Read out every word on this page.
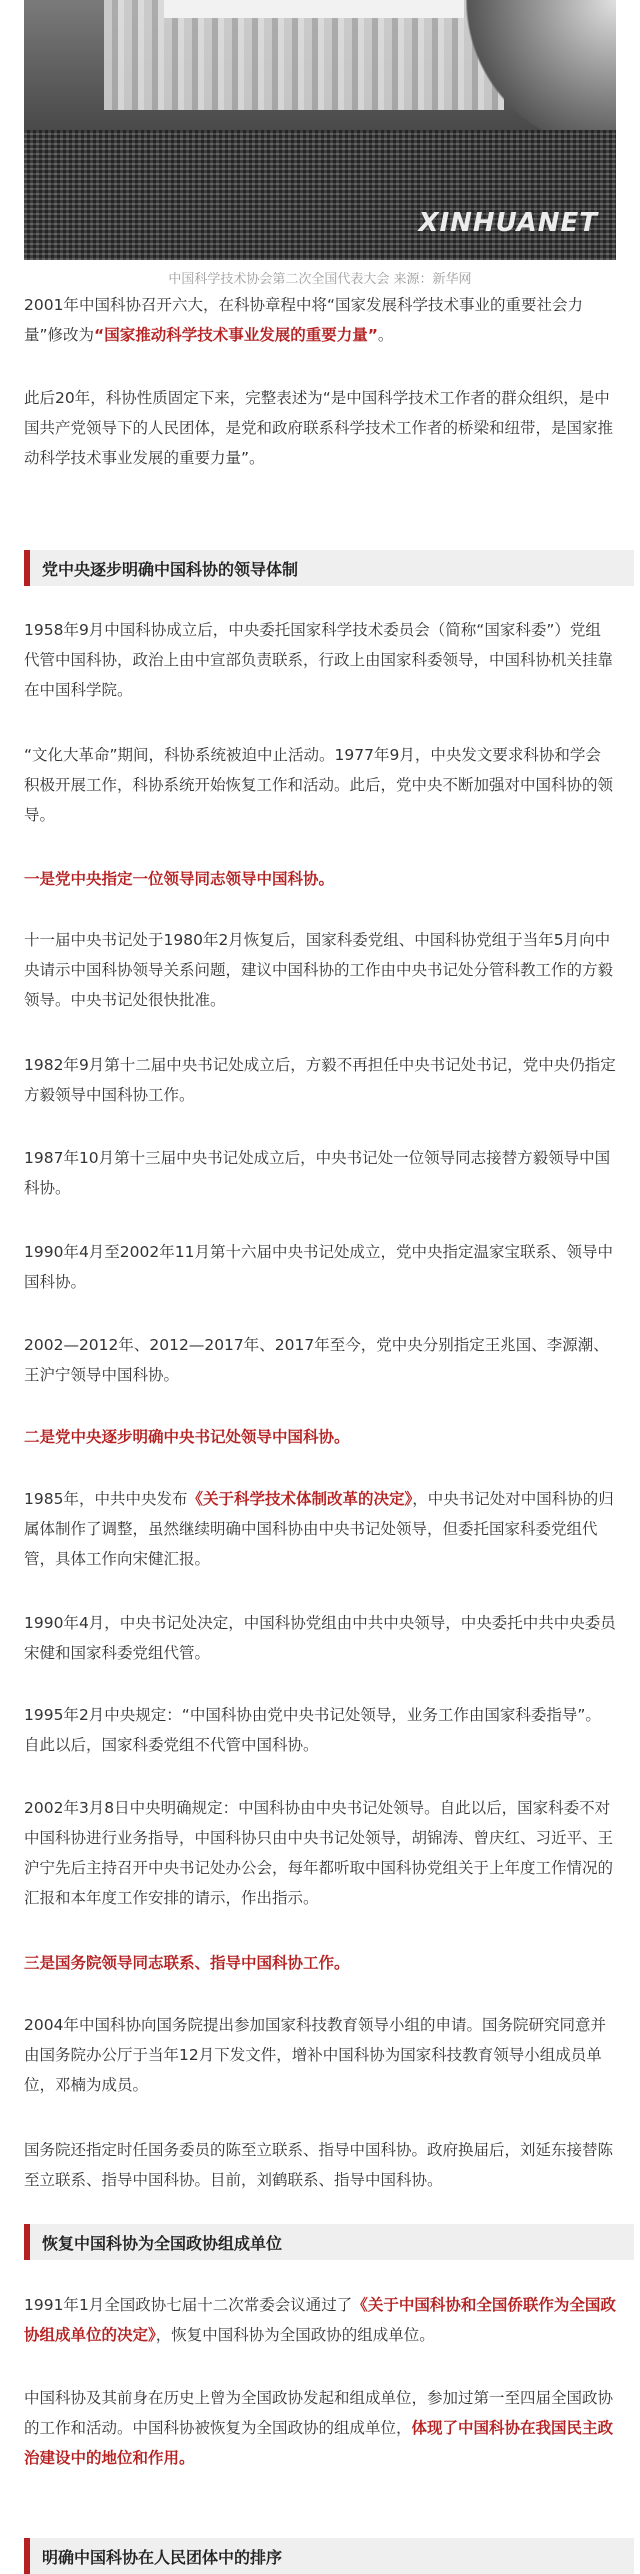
XINHUANET
中国科学技术协会第二次全国代表大会 来源：新华网

2001年中国科协召开六大，在科协章程中将“国家发展科学技术事业的重要社会力量”修改为“国家推动科学技术事业发展的重要力量”。

此后20年，科协性质固定下来，完整表述为“是中国科学技术工作者的群众组织，是中国共产党领导下的人民团体，是党和政府联系科学技术工作者的桥梁和纽带，是国家推动科学技术事业发展的重要力量”。

党中央逐步明确中国科协的领导体制

1958年9月中国科协成立后，中央委托国家科学技术委员会（简称“国家科委”）党组代管中国科协，政治上由中宣部负责联系，行政上由国家科委领导，中国科协机关挂靠在中国科学院。

“文化大革命”期间，科协系统被迫中止活动。1977年9月，中央发文要求科协和学会积极开展工作，科协系统开始恢复工作和活动。此后，党中央不断加强对中国科协的领导。

一是党中央指定一位领导同志领导中国科协。

十一届中央书记处于1980年2月恢复后，国家科委党组、中国科协党组于当年5月向中央请示中国科协领导关系问题，建议中国科协的工作由中央书记处分管科教工作的方毅领导。中央书记处很快批准。

1982年9月第十二届中央书记处成立后，方毅不再担任中央书记处书记，党中央仍指定方毅领导中国科协工作。

1987年10月第十三届中央书记处成立后，中央书记处一位领导同志接替方毅领导中国科协。

1990年4月至2002年11月第十六届中央书记处成立，党中央指定温家宝联系、领导中国科协。

2002—2012年、2012—2017年、2017年至今，党中央分别指定王兆国、李源潮、王沪宁领导中国科协。

二是党中央逐步明确中央书记处领导中国科协。

1985年，中共中央发布《关于科学技术体制改革的决定》，中央书记处对中国科协的归属体制作了调整，虽然继续明确中国科协由中央书记处领导，但委托国家科委党组代管，具体工作向宋健汇报。

1990年4月，中央书记处决定，中国科协党组由中共中央领导，中央委托中共中央委员宋健和国家科委党组代管。

1995年2月中央规定：“中国科协由党中央书记处领导，业务工作由国家科委指导”。自此以后，国家科委党组不代管中国科协。

2002年3月8日中央明确规定：中国科协由中央书记处领导。自此以后，国家科委不对中国科协进行业务指导，中国科协只由中央书记处领导，胡锦涛、曾庆红、习近平、王沪宁先后主持召开中央书记处办公会，每年都听取中国科协党组关于上年度工作情况的汇报和本年度工作安排的请示，作出指示。

三是国务院领导同志联系、指导中国科协工作。

2004年中国科协向国务院提出参加国家科技教育领导小组的申请。国务院研究同意并由国务院办公厅于当年12月下发文件，增补中国科协为国家科技教育领导小组成员单位，邓楠为成员。

国务院还指定时任国务委员的陈至立联系、指导中国科协。政府换届后，刘延东接替陈至立联系、指导中国科协。目前，刘鹤联系、指导中国科协。

恢复中国科协为全国政协组成单位

1991年1月全国政协七届十二次常委会议通过了《关于中国科协和全国侨联作为全国政协组成单位的决定》，恢复中国科协为全国政协的组成单位。

中国科协及其前身在历史上曾为全国政协发起和组成单位，参加过第一至四届全国政协的工作和活动。中国科协被恢复为全国政协的组成单位，体现了中国科协在我国民主政治建设中的地位和作用。

明确中国科协在人民团体中的排序
